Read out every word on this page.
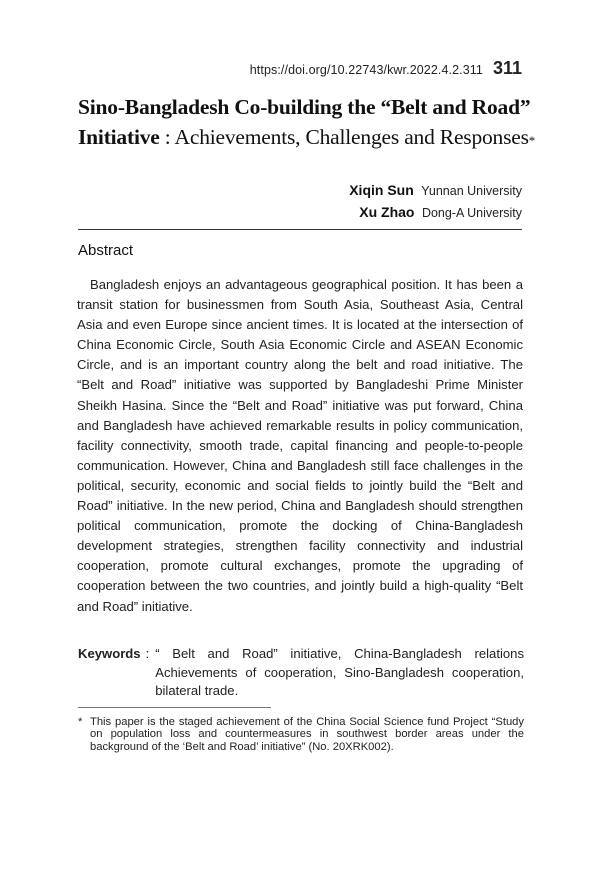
https://doi.org/10.22743/kwr.2022.4.2.311 311
Sino-Bangladesh Co-building the “Belt and Road”
Initiative : Achievements, Challenges and Responses*
Xiqin Sun Yunnan University
Xu Zhao Dong-A University
Abstract
Bangladesh enjoys an advantageous geographical position. It has been a transit station for businessmen from South Asia, Southeast Asia, Central Asia and even Europe since ancient times. It is located at the intersection of China Economic Circle, South Asia Economic Circle and ASEAN Economic Circle, and is an important country along the belt and road initiative. The “Belt and Road” initiative was supported by Bangladeshi Prime Minister Sheikh Hasina. Since the “Belt and Road” initiative was put forward, China and Bangladesh have achieved remarkable results in policy communication, facility connectivity, smooth trade, capital financing and people-to-people communication. However, China and Bangladesh still face challenges in the political, security, economic and social fields to jointly build the “Belt and Road” initiative. In the new period, China and Bangladesh should strengthen political communication, promote the docking of China-Bangladesh development strategies, strengthen facility connectivity and industrial cooperation, promote cultural exchanges, promote the upgrading of cooperation between the two countries, and jointly build a high-quality “Belt and Road” initiative.
Keywords : “ Belt and Road” initiative, China-Bangladesh relations Achievements of cooperation, Sino-Bangladesh cooperation, bilateral trade.
* This paper is the staged achievement of the China Social Science fund Project “Study on population loss and countermeasures in southwest border areas under the background of the ‘Belt and Road’ initiative” (No. 20XRK002).
